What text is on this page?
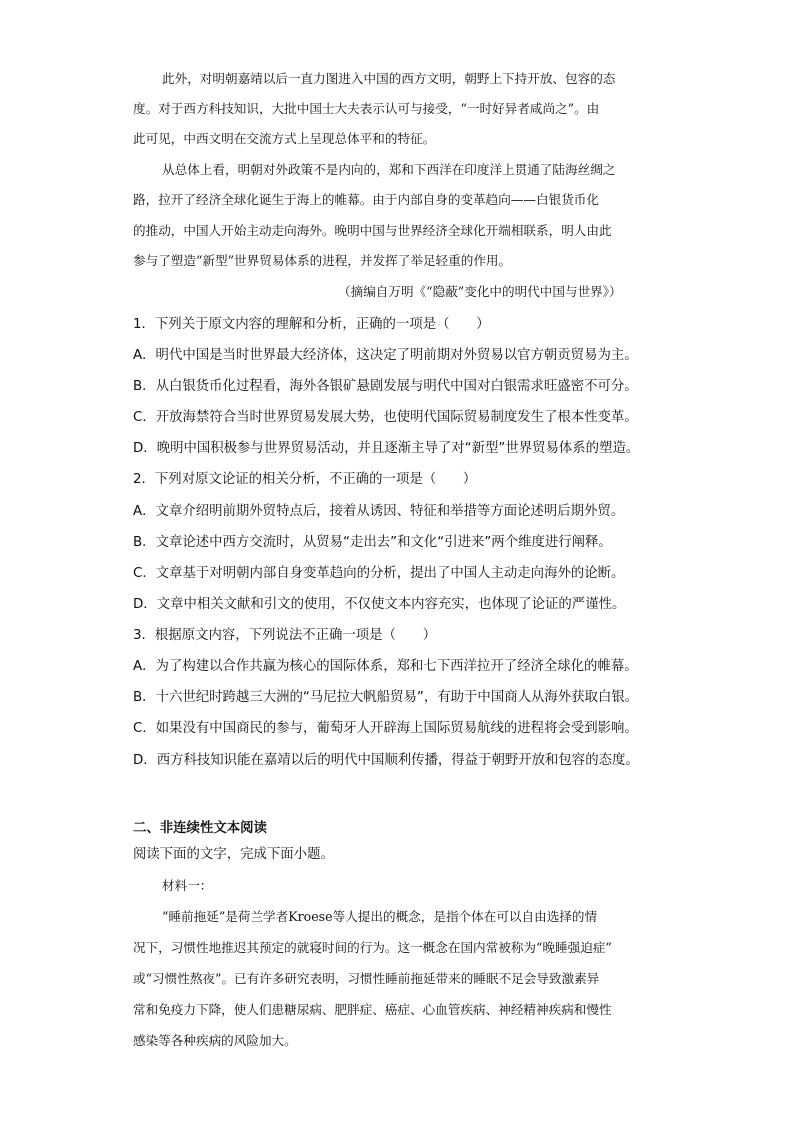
此外，对明朝嘉靖以后一直力图进入中国的西方文明，朝野上下持开放、包容的态
度。对于西方科技知识，大批中国士大夫表示认可与接受，“一时好异者咸尚之”。由
此可见，中西文明在交流方式上呈现总体平和的特征。
从总体上看，明朝对外政策不是内向的，郑和下西洋在印度洋上贯通了陆海丝绸之
路，拉开了经济全球化诞生于海上的帷幕。由于内部自身的变革趋向——白银货币化
的推动，中国人开始主动走向海外。晚明中国与世界经济全球化开端相联系，明人由此
参与了塑造“新型”世界贸易体系的进程，并发挥了举足轻重的作用。
（摘编自万明《“隐蔽”变化中的明代中国与世界》）
1．下列关于原文内容的理解和分析，正确的一项是（　　）
A．明代中国是当时世界最大经济体，这决定了明前期对外贸易以官方朝贡贸易为主。
B．从白银货币化过程看，海外各银矿悬剧发展与明代中国对白银需求旺盛密不可分。
C．开放海禁符合当时世界贸易发展大势，也使明代国际贸易制度发生了根本性变革。
D．晚明中国积极参与世界贸易活动，并且逐渐主导了对“新型”世界贸易体系的塑造。
2．下列对原文论证的相关分析，不正确的一项是（　　）
A．文章介绍明前期外贸特点后，接着从诱因、特征和举措等方面论述明后期外贸。
B．文章论述中西方交流时，从贸易“走出去”和文化“引进来”两个维度进行阐释。
C．文章基于对明朝内部自身变革趋向的分析，提出了中国人主动走向海外的论断。
D．文章中相关文献和引文的使用，不仅使文本内容充实，也体现了论证的严谨性。
3．根据原文内容，下列说法不正确一项是（　　）
A．为了构建以合作共赢为核心的国际体系，郑和七下西洋拉开了经济全球化的帷幕。
B．十六世纪时跨越三大洲的“马尼拉大帆船贸易”，有助于中国商人从海外获取白银。
C．如果没有中国商民的参与，葡萄牙人开辟海上国际贸易航线的进程将会受到影响。
D．西方科技知识能在嘉靖以后的明代中国顺利传播，得益于朝野开放和包容的态度。
二、非连续性文本阅读
阅读下面的文字，完成下面小题。
材料一：
“睡前拖延”是荷兰学者Kroese等人提出的概念，是指个体在可以自由选择的情
况下，习惯性地推迟其预定的就寝时间的行为。这一概念在国内常被称为“晚睡强迫症”
或“习惯性熬夜”。已有许多研究表明，习惯性睡前拖延带来的睡眠不足会导致激素异
常和免疫力下降，使人们患糖尿病、肥胖症、癌症、心血管疾病、神经精神疾病和慢性
感染等各种疾病的风险加大。
